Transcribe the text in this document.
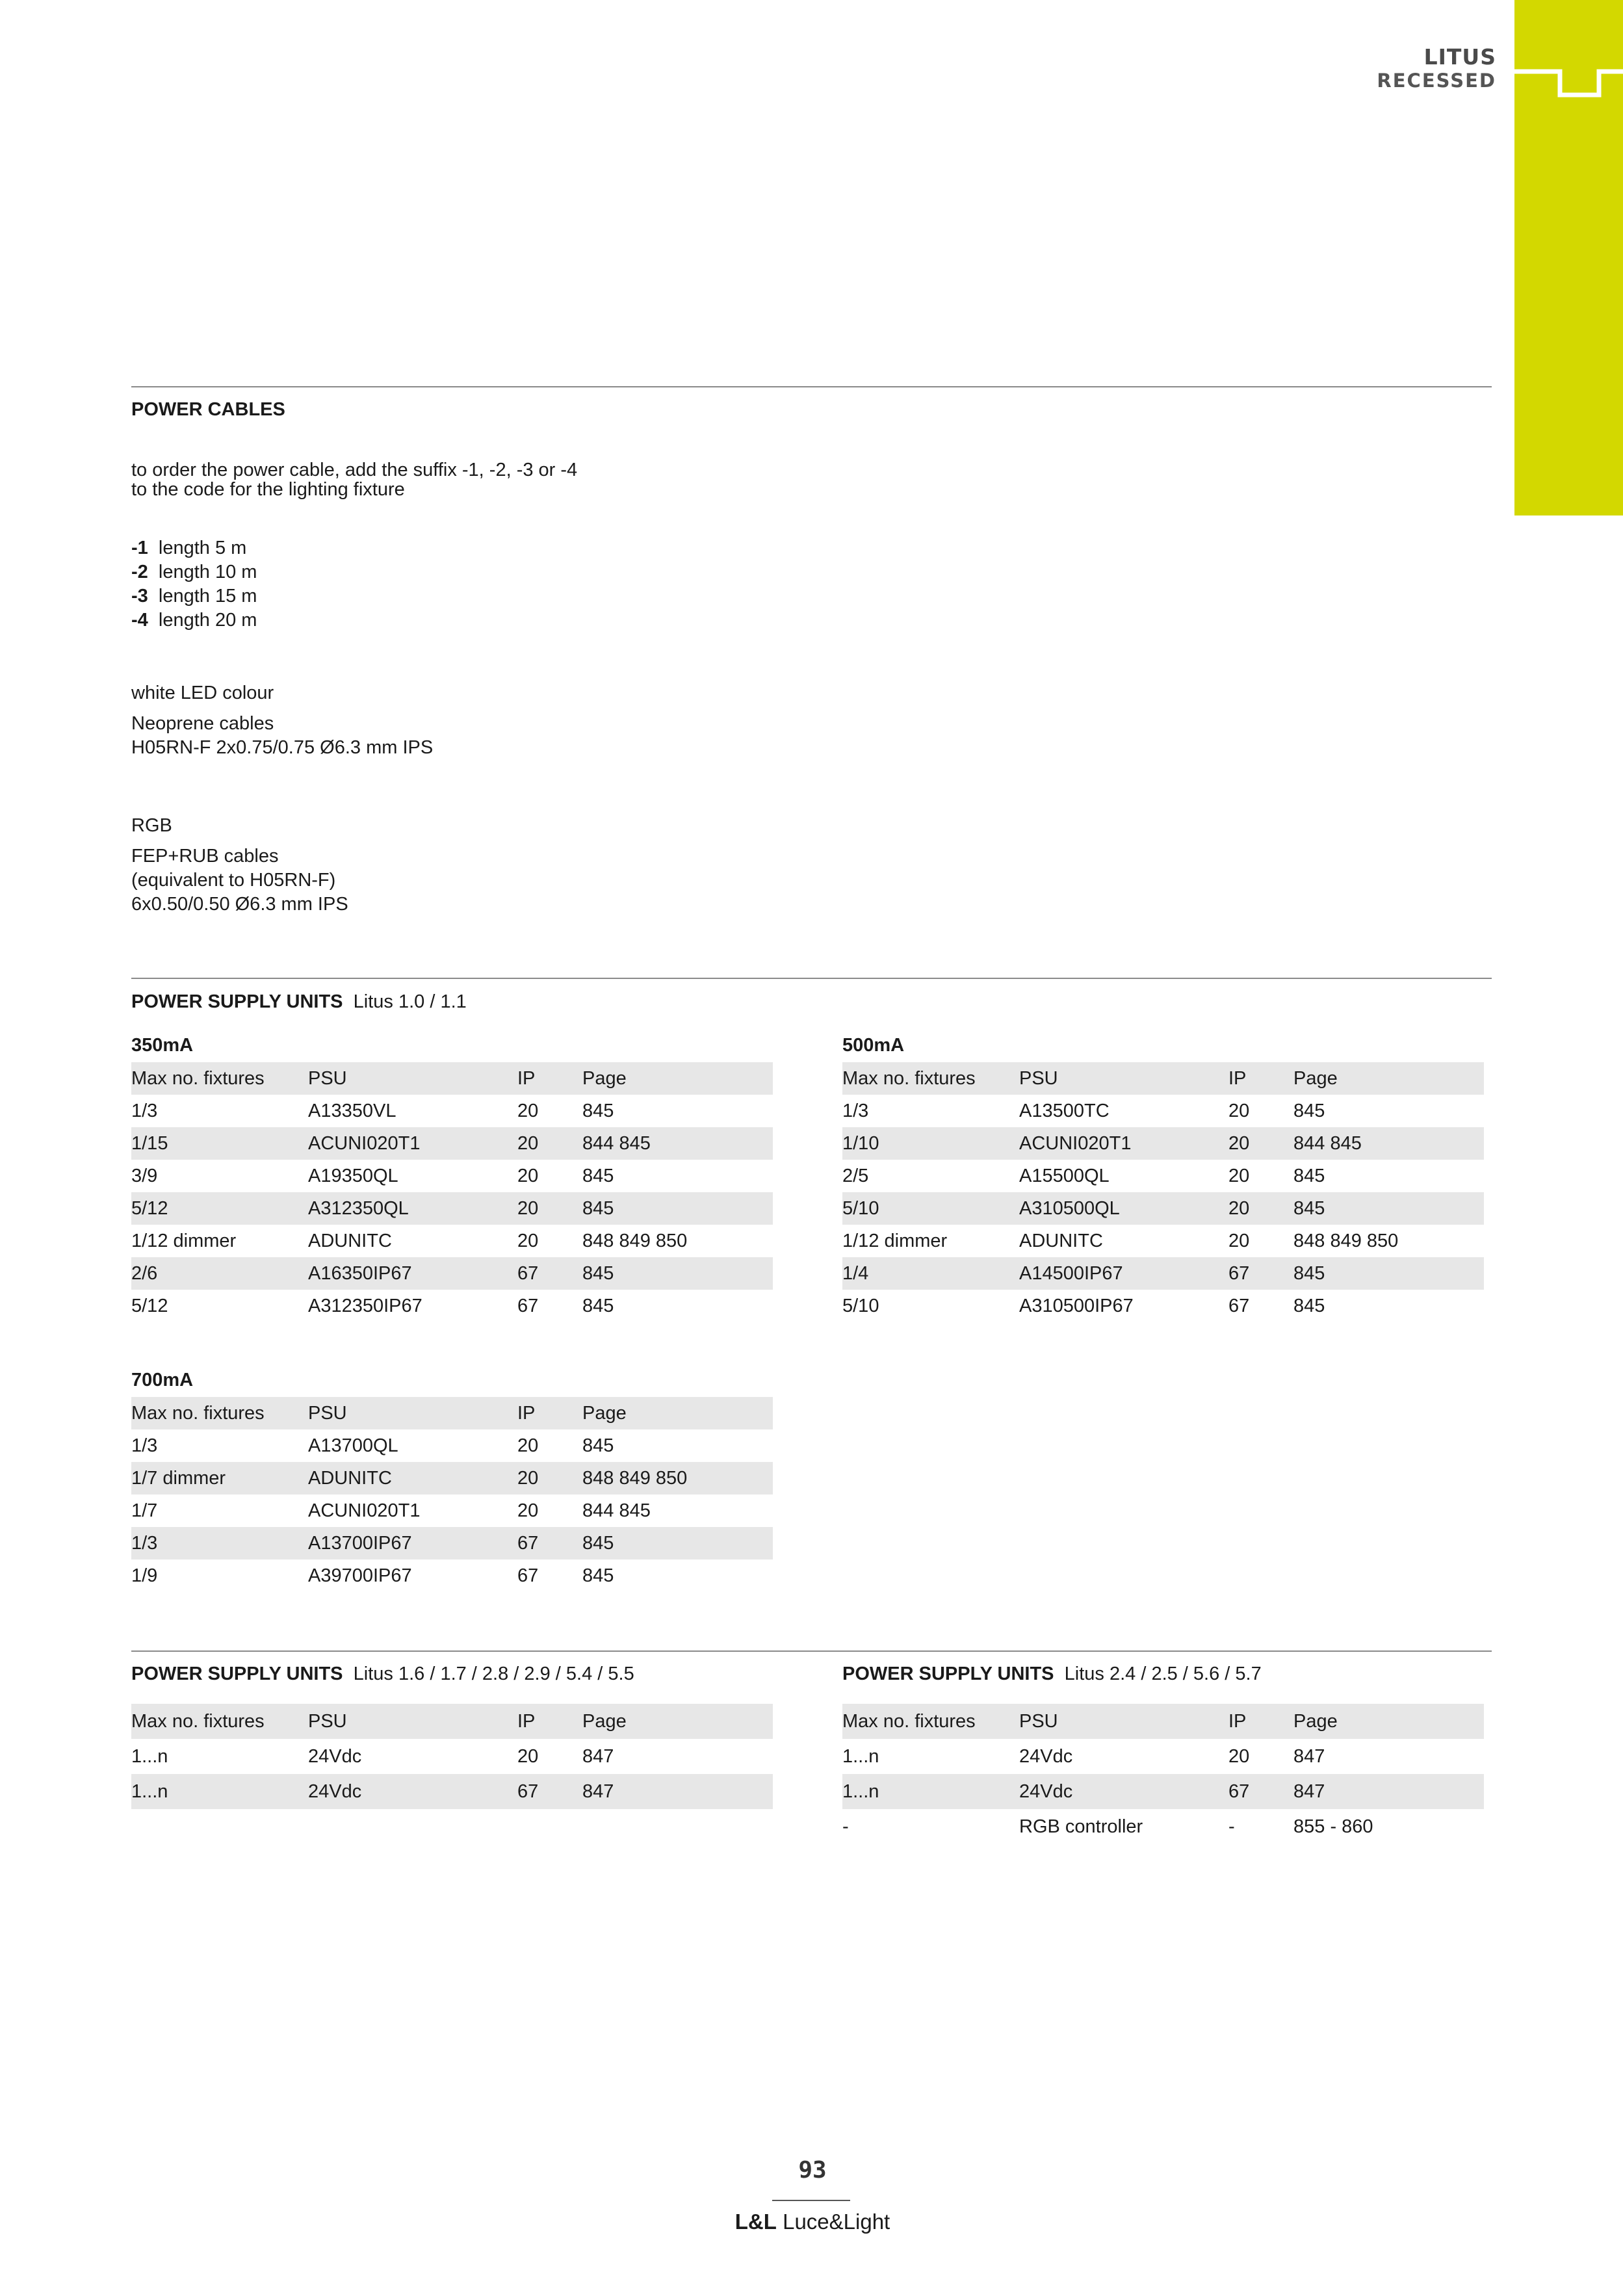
LITUS
RECESSED
POWER CABLES
to order the power cable, add the suffix -1, -2, -3 or -4
to the code for the lighting fixture
-1 length 5 m
-2 length 10 m
-3 length 15 m
-4 length 20 m
white LED colour
Neoprene cables
H05RN-F 2x0.75/0.75 Ø6.3 mm IPS
RGB
FEP+RUB cables
(equivalent to H05RN-F)
6x0.50/0.50 Ø6.3 mm IPS
POWER SUPPLY UNITS Litus 1.0 / 1.1
350mA
Max no. fixtures	PSU	IP	Page
1/3	A13350VL	20	845
1/15	ACUNI020T1	20	844 845
3/9	A19350QL	20	845
5/12	A312350QL	20	845
1/12 dimmer	ADUNITC	20	848 849 850
2/6	A16350IP67	67	845
5/12	A312350IP67	67	845
500mA
Max no. fixtures	PSU	IP	Page
1/3	A13500TC	20	845
1/10	ACUNI020T1	20	844 845
2/5	A15500QL	20	845
5/10	A310500QL	20	845
1/12 dimmer	ADUNITC	20	848 849 850
1/4	A14500IP67	67	845
5/10	A310500IP67	67	845
700mA
Max no. fixtures	PSU	IP	Page
1/3	A13700QL	20	845
1/7 dimmer	ADUNITC	20	848 849 850
1/7	ACUNI020T1	20	844 845
1/3	A13700IP67	67	845
1/9	A39700IP67	67	845
POWER SUPPLY UNITS Litus 1.6 / 1.7 / 2.8 / 2.9 / 5.4 / 5.5
Max no. fixtures	PSU	IP	Page
1...n	24Vdc	20	847
1...n	24Vdc	67	847
POWER SUPPLY UNITS Litus 2.4 / 2.5 / 5.6 / 5.7
Max no. fixtures	PSU	IP	Page
1...n	24Vdc	20	847
1...n	24Vdc	67	847
-	RGB controller	-	855 - 860
93
L&L Luce&Light
